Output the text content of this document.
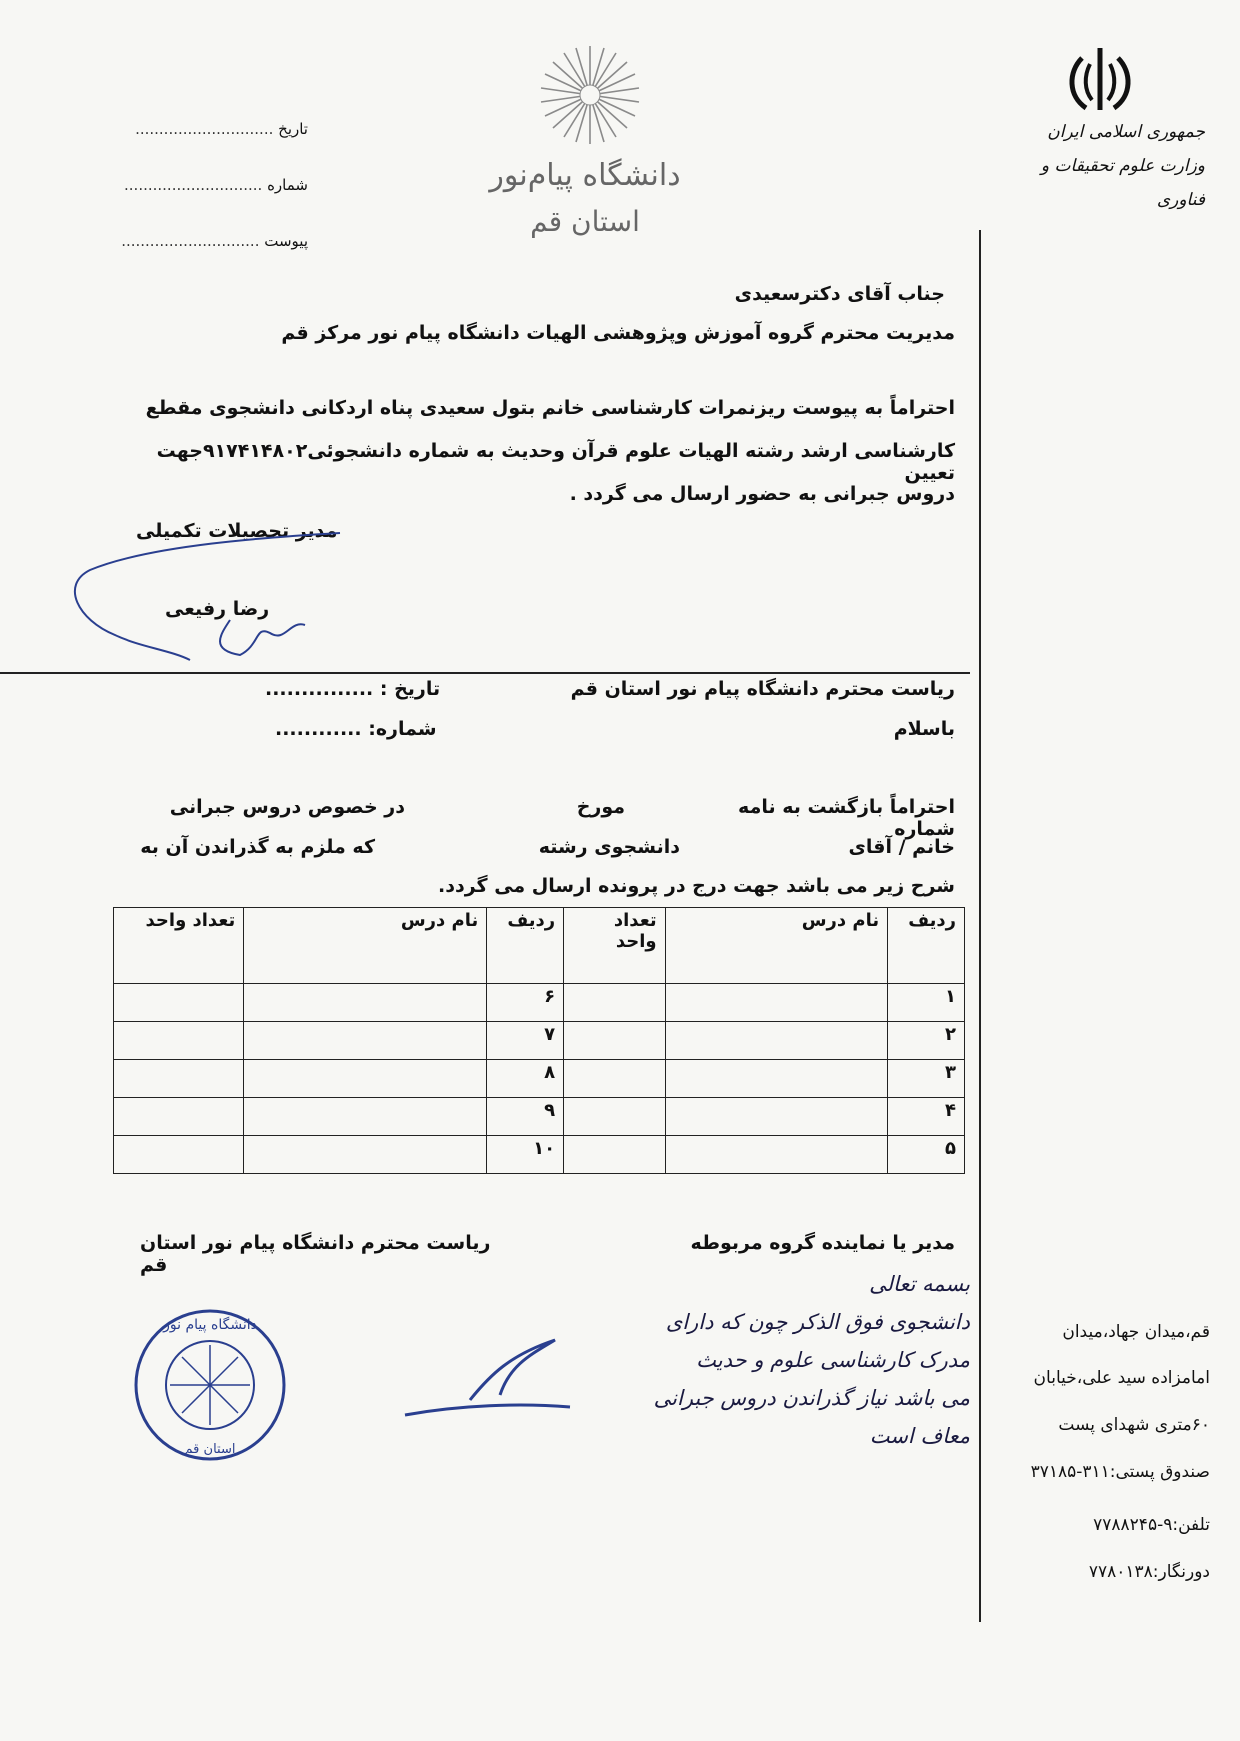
تاریخ .............................
شماره .............................
پیوست .............................
دانشگاه پیام‌نور
استان قم
جمهوری اسلامی ایران
وزارت علوم تحقیقات و فناوری
جناب آقای دکترسعیدی
مدیریت محترم گروه آموزش وپژوهشی الهیات دانشگاه پیام نور مرکز قم
احتراماً به پیوست ریزنمرات کارشناسی خانم بتول سعیدی پناه اردکانی دانشجوی مقطع
کارشناسی ارشد رشته الهیات علوم قرآن وحدیث به شماره دانشجوئی۹۱۷۴۱۴۸۰۲جهت تعیین
دروس جبرانی به حضور ارسال می گردد .
مدیر تحصیلات تکمیلی
رضا رفیعی
ریاست محترم دانشگاه پیام نور استان قم
باسلام
تاریخ : ...............
شماره: ............
احتراماً بازگشت به نامه شماره
مورخ
در خصوص دروس جبرانی
خانم / آقای
دانشجوی رشته
که ملزم به گذراندن آن به
شرح زیر می باشد جهت درج در پرونده ارسال می گردد.
ردیف	نام درس	تعداد واحد	ردیف	نام درس	تعداد واحد
۱			۶		
۲			۷		
۳			۸		
۴			۹		
۵			۱۰		
مدیر یا نماینده گروه مربوطه
ریاست محترم دانشگاه پیام نور استان قم
بسمه تعالی
دانشجوی فوق الذکر چون که دارای
مدرک کارشناسی علوم و حدیث
می باشد نیاز گذراندن دروس جبرانی
معاف است
دانشگاه پیام نور
استان قم
قم،میدان جهاد،میدان
امامزاده سید علی،خیابان
۶۰متری شهدای پست
صندوق پستی:۳۱۱-۳۷۱۸۵
تلفن:۹-۷۷۸۸۲۴۵
دورنگار:۷۷۸۰۱۳۸
